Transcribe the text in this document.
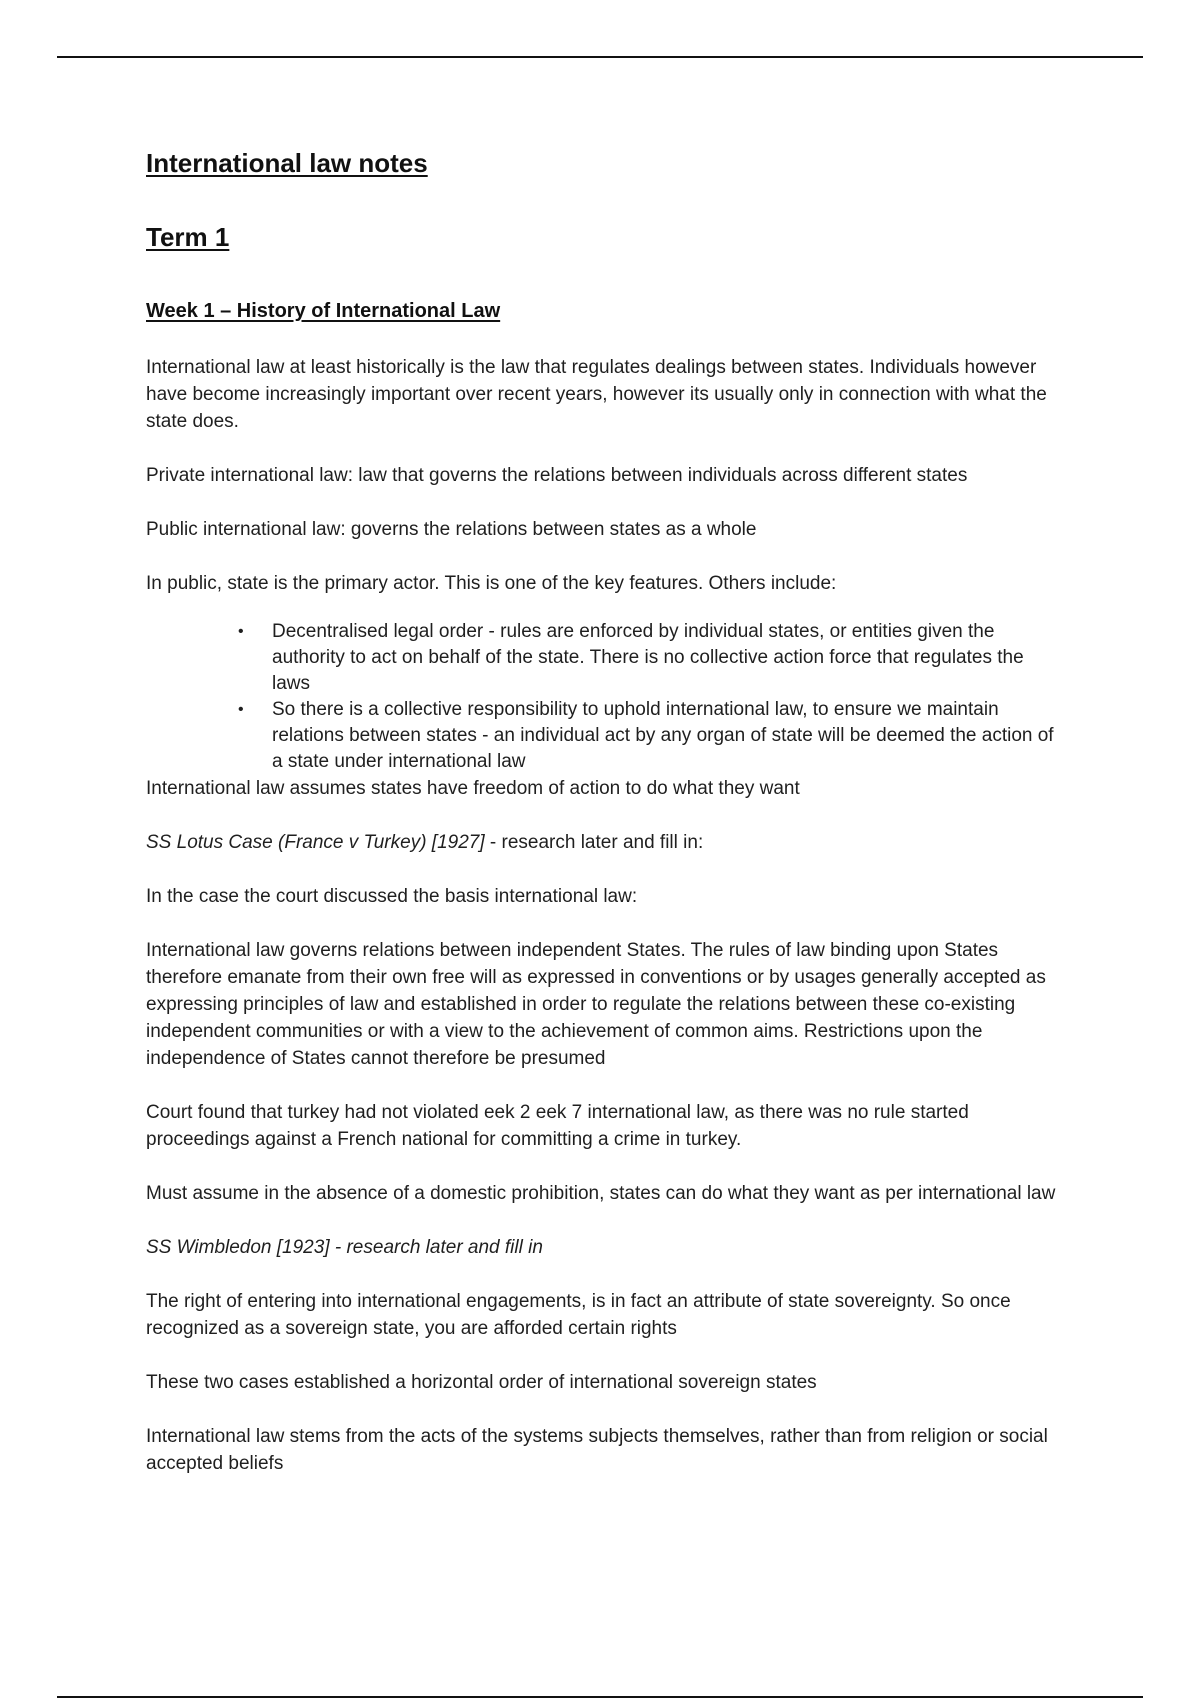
International law notes
Term 1
Week 1 – History of International Law

International law at least historically is the law that regulates dealings between states. Individuals however have become increasingly important over recent years, however its usually only in connection with what the state does.

Private international law: law that governs the relations between individuals across different states

Public international law: governs the relations between states as a whole

In public, state is the primary actor. This is one of the key features. Others include:

• Decentralised legal order - rules are enforced by individual states, or entities given the authority to act on behalf of the state. There is no collective action force that regulates the laws
• So there is a collective responsibility to uphold international law, to ensure we maintain relations between states - an individual act by any organ of state will be deemed the action of a state under international law

International law assumes states have freedom of action to do what they want

SS Lotus Case (France v Turkey) [1927] - research later and fill in:

In the case the court discussed the basis international law:

International law governs relations between independent States. The rules of law binding upon States therefore emanate from their own free will as expressed in conventions or by usages generally accepted as expressing principles of law and established in order to regulate the relations between these co-existing independent communities or with a view to the achievement of common aims. Restrictions upon the independence of States cannot therefore be presumed

Court found that turkey had not violated eek 2 eek 7 international law, as there was no rule started proceedings against a French national for committing a crime in turkey.

Must assume in the absence of a domestic prohibition, states can do what they want as per international law

SS Wimbledon [1923] - research later and fill in

The right of entering into international engagements, is in fact an attribute of state sovereignty. So once recognized as a sovereign state, you are afforded certain rights

These two cases established a horizontal order of international sovereign states

International law stems from the acts of the systems subjects themselves, rather than from religion or social accepted beliefs
